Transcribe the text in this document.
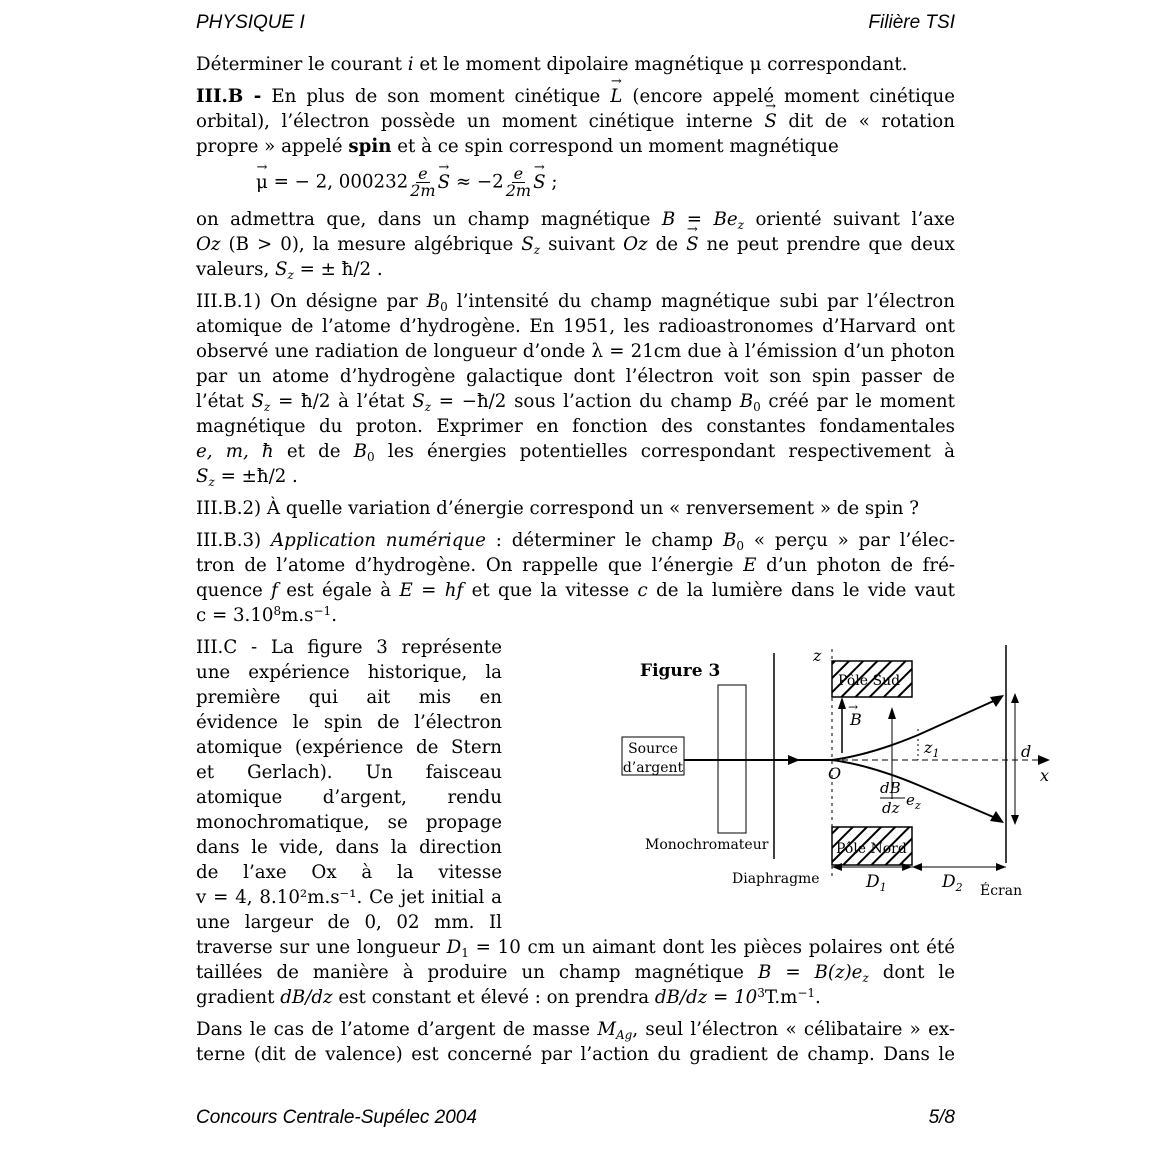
PHYSIQUE I	Filière TSI

Déterminer le courant i et le moment dipolaire magnétique μ correspondant.

III.B - En plus de son moment cinétique → L (encore appelé moment cinétique
orbital), l’électron possède un moment cinétique interne → S dit de « rotation
propre » appelé spin et à ce spin correspond un moment magnétique

→ μ = − 2, $000232 \frac{e}{2m}$
→ $S \approx -2 \frac{e}{2m}$
→ S ;

on admettra que, dans un champ magnétique $B = Be_z$ orienté suivant l’axe
Oz (B > 0), la mesure algébrique $S_z$ suivant Oz de → S ne peut prendre que deux
valeurs, $S_z$ = ± ħ/2 .

III.B.1) On désigne par $B_0$ l’intensité du champ magnétique subi par l’électron
atomique de l’atome d’hydrogène. En 1951, les radioastronomes d’Harvard ont
observé une radiation de longueur d’onde λ = 21cm due à l’émission d’un photon
par un atome d’hydrogène galactique dont l’électron voit son spin passer de
l’état $S_z$ = ħ/2 à l’état $S_z$ = −ħ/2 sous l’action du champ $B_0$ créé par le moment
magnétique du proton. Exprimer en fonction des constantes fondamentales
e, m, ħ et de $B_0$ les énergies potentielles correspondant respectivement à
$S_z$ = ±ħ/2 .

III.B.2) À quelle variation d’énergie correspond un « renversement » de spin ?

III.B.3) Application numérique : déterminer le champ $B_0$ « perçu » par l’élec-
tron de l’atome d’hydrogène. On rappelle que l’énergie E d’un photon de fré-
quence f est égale à E = hf et que la vitesse c de la lumière dans le vide vaut
$c = 3.10^8m.s^{-1}$.

III.C - La figure 3 représente
une expérience historique, la
première qui ait mis en
évidence le spin de l’électron
atomique (expérience de Stern
et Gerlach). Un faisceau
atomique d’argent, rendu
monochromatique, se propage
dans le vide, dans la direction
de l’axe Ox à la vitesse
v = 4, 8.10²m.s⁻¹. Ce jet initial a
une largeur de 0, 02 mm. Il
Figure 3	Pôle Sud
Pôle Nord
z
Source
d’argent
Monochromateur
Diaphragme
O
B
→
$z_1$	d
x
dB
dz $e_z$
$D_1$	$D_2$ Écran

traverse sur une longueur $D_1 = 10$ cm un aimant dont les pièces polaires ont été
taillées de manière à produire un champ magnétique $B = B(z)e_z$ dont le
gradient dB/dz est constant et élevé : on prendra $dB/dz = 10^3T.m^{-1}$.

Dans le cas de l’atome d’argent de masse $M_{Ag}$, seul l’électron « célibataire » ex-
terne (dit de valence) est concerné par l’action du gradient de champ. Dans le

Concours Centrale-Supélec 2004	5/8
